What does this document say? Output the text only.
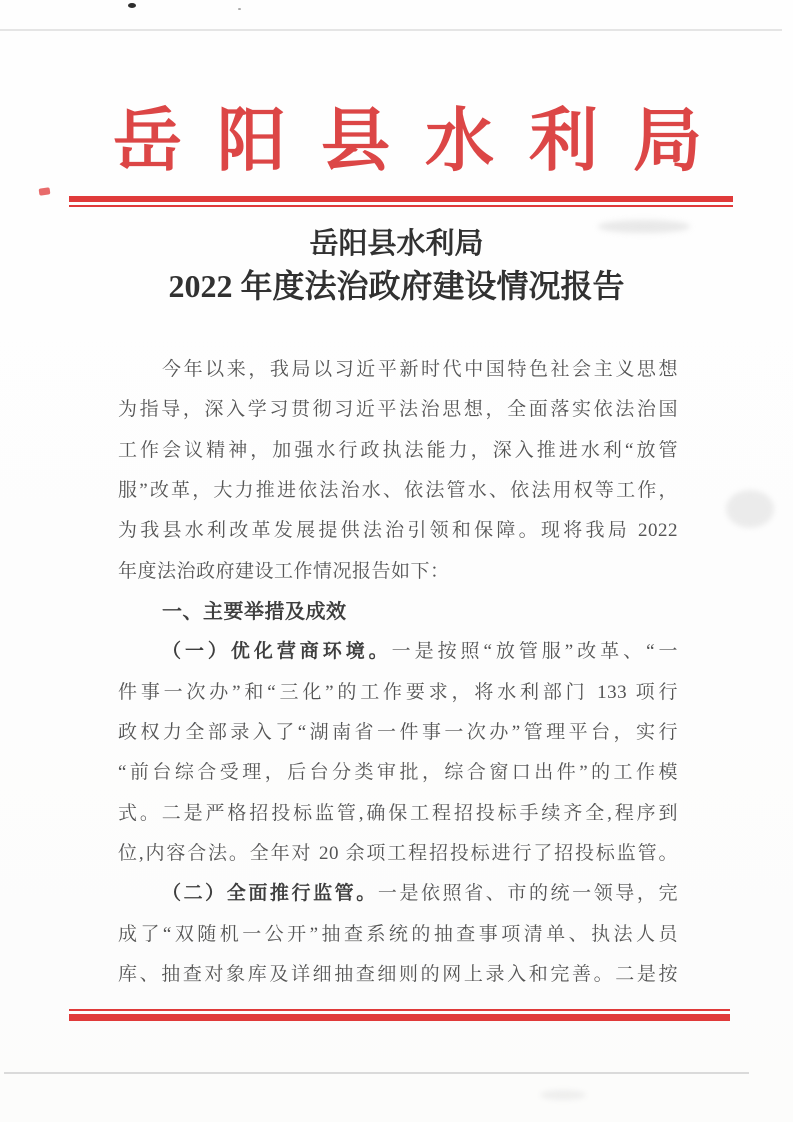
岳 阳 县 水 利 局
岳阳县水利局
2022 年度法治政府建设情况报告
今年以来，我局以习近平新时代中国特色社会主义思想
为指导，深入学习贯彻习近平法治思想，全面落实依法治国
工作会议精神，加强水行政执法能力，深入推进水利“放管
服”改革，大力推进依法治水、依法管水、依法用权等工作，
为我县水利改革发展提供法治引领和保障。现将我局 2022
年度法治政府建设工作情况报告如下：
一、主要举措及成效
（一）优化营商环境。一是按照“放管服”改革、“一
件事一次办”和“三化”的工作要求，将水利部门 133 项行
政权力全部录入了“湖南省一件事一次办”管理平台，实行
“前台综合受理，后台分类审批，综合窗口出件”的工作模
式。二是严格招投标监管,确保工程招投标手续齐全,程序到
位,内容合法。全年对 20 余项工程招投标进行了招投标监管。
（二）全面推行监管。一是依照省、市的统一领导，完
成了“双随机一公开”抽查系统的抽查事项清单、执法人员
库、抽查对象库及详细抽查细则的网上录入和完善。二是按
